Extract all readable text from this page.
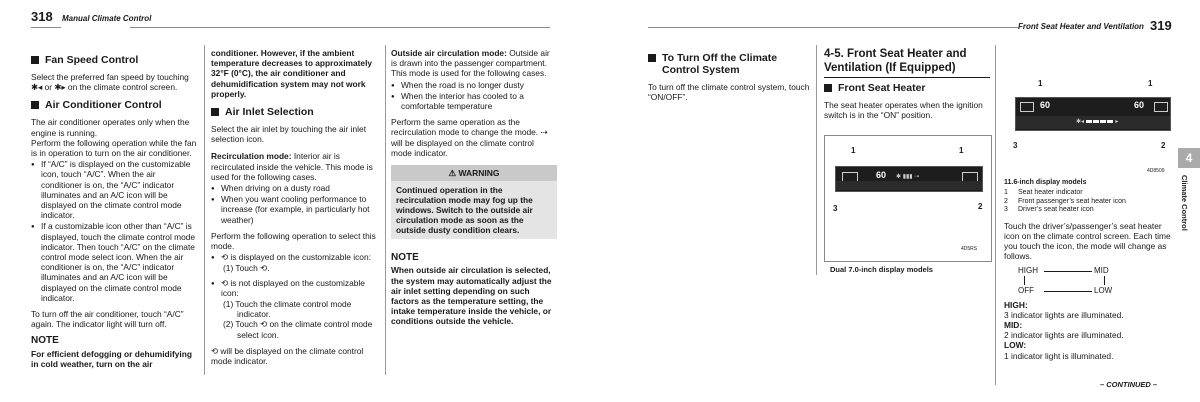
318 Manual Climate Control
Front Seat Heater and Ventilation 319
Fan Speed Control

Select the preferred fan speed by touching
✱◂ or ✱▸ on the climate control screen.

Air Conditioner Control

The air conditioner operates only when the engine is running.

Perform the following operation while the fan is in operation to turn on the air conditioner.

● If “A/C” is displayed on the customizable icon, touch “A/C”. When the air conditioner is on, the “A/C” indicator illuminates and an A/C icon will be displayed on the climate control mode indicator.
● If a customizable icon other than “A/C” is displayed, touch the climate control mode indicator. Then touch “A/C” on the climate control mode select icon. When the air conditioner is on, the “A/C” indicator illuminates and an A/C icon will be displayed on the climate control mode indicator.

To turn off the air conditioner, touch “A/C” again. The indicator light will turn off.

NOTE
For efficient defogging or dehumidifying in cold weather, turn on the air

conditioner. However, if the ambient temperature decreases to approximately 32°F (0°C), the air conditioner and dehumidification system may not work properly.

Air Inlet Selection

Select the air inlet by touching the air inlet selection icon.

Recirculation mode: Interior air is recirculated inside the vehicle. This mode is used for the following cases.

● When driving on a dusty road
● When you want cooling performance to increase (for example, in particularly hot weather)

Perform the following operation to select this mode.

● ⟲ is displayed on the customizable icon:
(1) Touch ⟲.
● ⟲ is not displayed on the customizable icon:
(1) Touch the climate control mode indicator.
(2) Touch ⟲ on the climate control mode select icon.

⟲ will be displayed on the climate control mode indicator.

Outside air circulation mode: Outside air is drawn into the passenger compartment. This mode is used for the following cases.

● When the road is no longer dusty
● When the interior has cooled to a comfortable temperature

Perform the same operation as the recirculation mode to change the mode. ⇢ will be displayed on the climate control mode indicator.

⚠ WARNING
Continued operation in the recirculation mode may fog up the windows. Switch to the outside air circulation mode as soon as the outside dusty condition clears.
NOTE
When outside air circulation is selected, the system may automatically adjust the air inlet setting depending on such factors as the temperature setting, the intake temperature inside the vehicle, or conditions outside the vehicle.
To Turn Off the Climate Control System

To turn off the climate control system, touch “ON/OFF”.

4-5. Front Seat Heater and Ventilation (If Equipped)
Front Seat Heater

The seat heater operates when the ignition switch is in the “ON” position.

1	1
2
3
60 ✱ ▮▮▮ ⇢
4D5RS
Dual 7.0-inch display models
1	1
3	2
60	60
✱◂	▸
4D8509
11.6-inch display models
1 Seat heater indicator
2 Front passenger’s seat heater icon
3 Driver’s seat heater icon

Touch the driver’s/passenger’s seat heater icon on the climate control screen. Each time you touch the icon, the mode will change as follows.

HIGH	MID
OFF	LOW
HIGH:
3 indicator lights are illuminated.
MID:
2 indicator lights are illuminated.
LOW:
1 indicator light is illuminated.
– CONTINUED –
4
Climate Control
